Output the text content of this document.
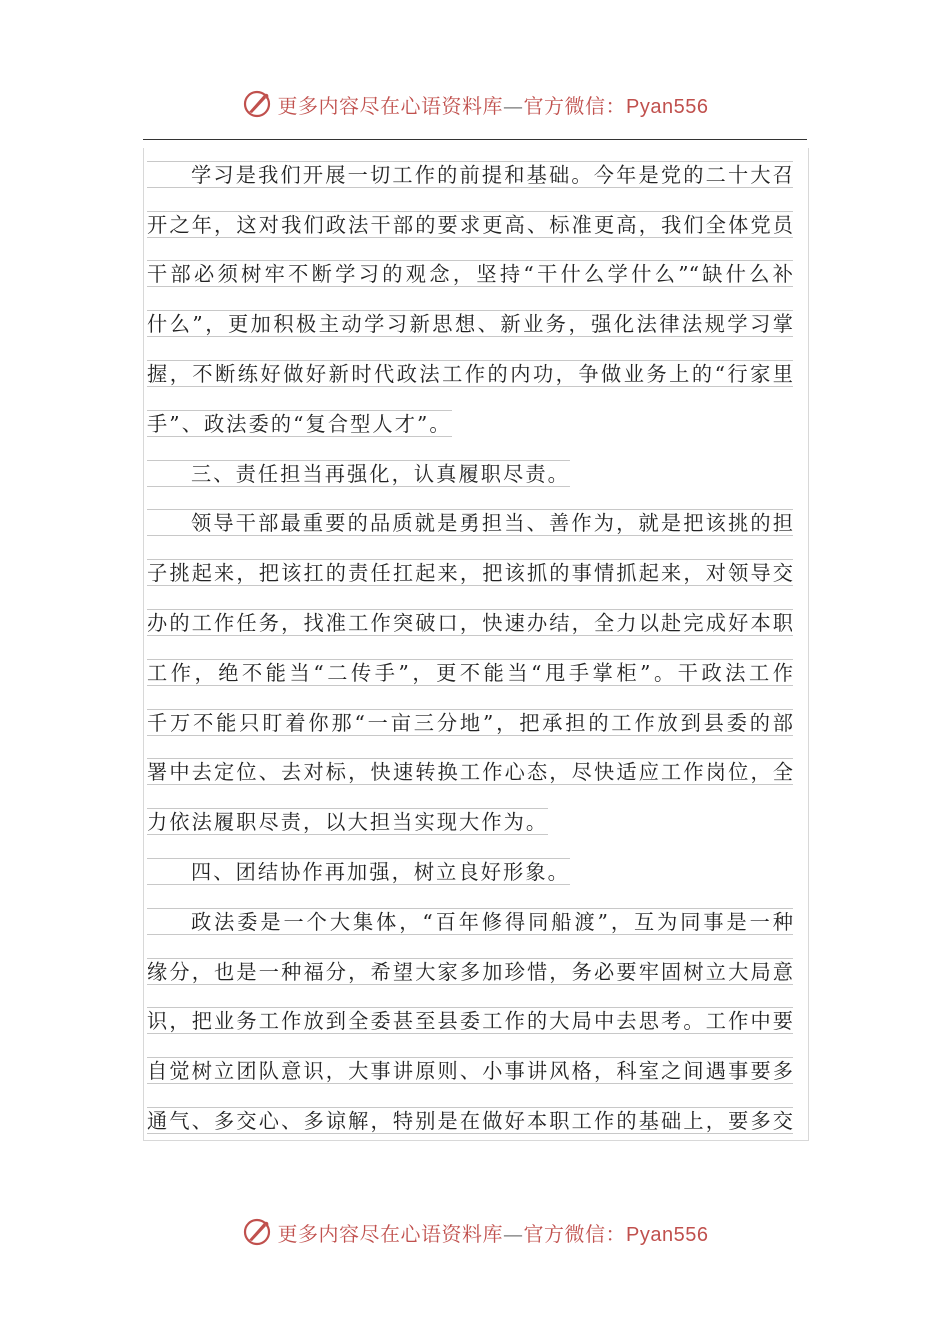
更多内容尽在心语资料库—官方微信：Pyan556
学习是我们开展一切工作的前提和基础。今年是党的二十大召
开之年，这对我们政法干部的要求更高、标准更高，我们全体党员
干部必须树牢不断学习的观念，坚持“干什么学什么”“缺什么补
什么”，更加积极主动学习新思想、新业务，强化法律法规学习掌
握，不断练好做好新时代政法工作的内功，争做业务上的“行家里
手”、政法委的“复合型人才”。
三、责任担当再强化，认真履职尽责。
领导干部最重要的品质就是勇担当、善作为，就是把该挑的担
子挑起来，把该扛的责任扛起来，把该抓的事情抓起来，对领导交
办的工作任务，找准工作突破口，快速办结，全力以赴完成好本职
工作，绝不能当“二传手”，更不能当“甩手掌柜”。干政法工作
千万不能只盯着你那“一亩三分地”，把承担的工作放到县委的部
署中去定位、去对标，快速转换工作心态，尽快适应工作岗位，全
力依法履职尽责，以大担当实现大作为。
四、团结协作再加强，树立良好形象。
政法委是一个大集体，“百年修得同船渡”，互为同事是一种
缘分，也是一种福分，希望大家多加珍惜，务必要牢固树立大局意
识，把业务工作放到全委甚至县委工作的大局中去思考。工作中要
自觉树立团队意识，大事讲原则、小事讲风格，科室之间遇事要多
通气、多交心、多谅解，特别是在做好本职工作的基础上，要多交
更多内容尽在心语资料库—官方微信：Pyan556
